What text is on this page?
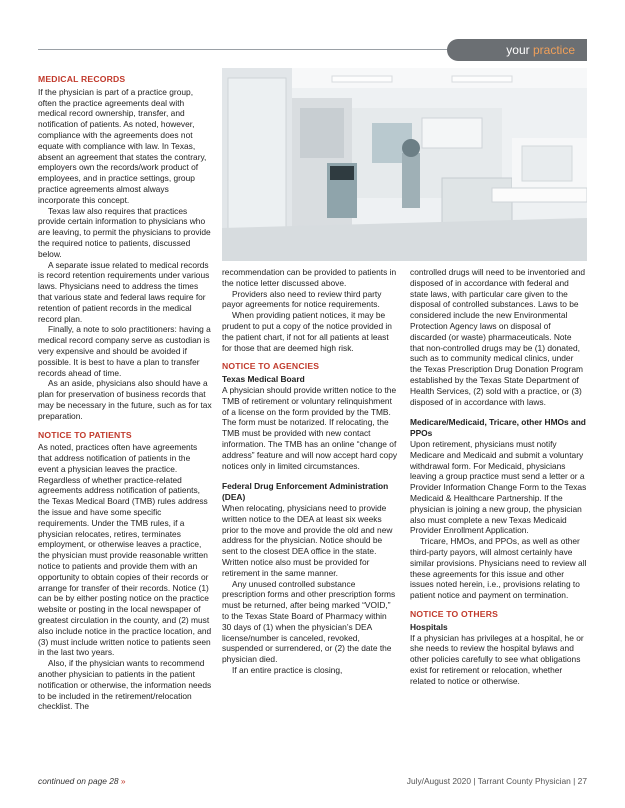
your practice
MEDICAL RECORDS

If the physician is part of a practice group, often the practice agreements deal with medical record ownership, transfer, and notification of patients. As noted, however, compliance with the agreements does not equate with compliance with law. In Texas, absent an agreement that states the contrary, employers own the records/work product of employees, and in practice settings, group practice agreements almost always incorporate this concept.

Texas law also requires that practices provide certain information to physicians who are leaving, to permit the physicians to provide the required notice to patients, discussed below.

A separate issue related to medical records is record retention requirements under various laws. Physicians need to address the times that various state and federal laws require for retention of patient records in the medical record plan.

Finally, a note to solo practitioners: having a medical record company serve as custodian is very expensive and should be avoided if possible. It is best to have a plan to transfer records ahead of time.

As an aside, physicians also should have a plan for preservation of business records that may be necessary in the future, such as for tax preparation.

NOTICE TO PATIENTS

As noted, practices often have agreements that address notification of patients in the event a physician leaves the practice. Regardless of whether practice-related agreements address notification of patients, the Texas Medical Board (TMB) rules address the issue and have some specific requirements. Under the TMB rules, if a physician relocates, retires, terminates employment, or otherwise leaves a practice, the physician must provide reasonable written notice to patients and provide them with an opportunity to obtain copies of their records or arrange for transfer of their records. Notice (1) can be by either posting notice on the practice website or posting in the local newspaper of greatest circulation in the county, and (2) must also include notice in the practice location, and (3) must include written notice to patients seen in the last two years.

Also, if the physician wants to recommend another physician to patients in the patient notification or otherwise, the information needs to be included in the retirement/relocation checklist. The

recommendation can be provided to patients in the notice letter discussed above.

Providers also need to review third party payor agreements for notice requirements.

When providing patient notices, it may be prudent to put a copy of the notice provided in the patient chart, if not for all patients at least for those that are deemed high risk.

NOTICE TO AGENCIES
Texas Medical Board

A physician should provide written notice to the TMB of retirement or voluntary relinquishment of a license on the form provided by the TMB. The form must be notarized. If relocating, the TMB must be provided with new contact information. The TMB has an online “change of address” feature and will now accept hard copy notices only in limited circumstances.

Federal Drug Enforcement Administration (DEA)

When relocating, physicians need to provide written notice to the DEA at least six weeks prior to the move and provide the old and new address for the physician. Notice should be sent to the closest DEA office in the state. Written notice also must be provided for retirement in the same manner.

Any unused controlled substance prescription forms and other prescription forms must be returned, after being marked “VOID,” to the Texas State Board of Pharmacy within 30 days of (1) when the physician’s DEA license/number is canceled, revoked, suspended or surrendered, or (2) the date the physician died.

If an entire practice is closing,

controlled drugs will need to be inventoried and disposed of in accordance with federal and state laws, with particular care given to the disposal of controlled substances. Laws to be considered include the new Environmental Protection Agency laws on disposal of discarded (or waste) pharmaceuticals. Note that non-controlled drugs may be (1) donated, such as to community medical clinics, under the Texas Prescription Drug Donation Program established by the Texas State Department of Health Services, (2) sold with a practice, or (3) disposed of in accordance with laws.

Medicare/Medicaid, Tricare, other HMOs and PPOs

Upon retirement, physicians must notify Medicare and Medicaid and submit a voluntary withdrawal form. For Medicaid, physicians leaving a group practice must send a letter or a Provider Information Change Form to the Texas Medicaid & Healthcare Partnership. If the physician is joining a new group, the physician also must complete a new Texas Medicaid Provider Enrollment Application.

Tricare, HMOs, and PPOs, as well as other third-party payors, will almost certainly have similar provisions. Physicians need to review all these agreements for this issue and other issues noted herein, i.e., provisions relating to patient notice and payment on termination.

NOTICE TO OTHERS
Hospitals

If a physician has privileges at a hospital, he or she needs to review the hospital bylaws and other policies carefully to see what obligations exist for retirement or relocation, whether related to notice or otherwise.

continued on page 28 »	July/August 2020 | Tarrant County Physician | 27
